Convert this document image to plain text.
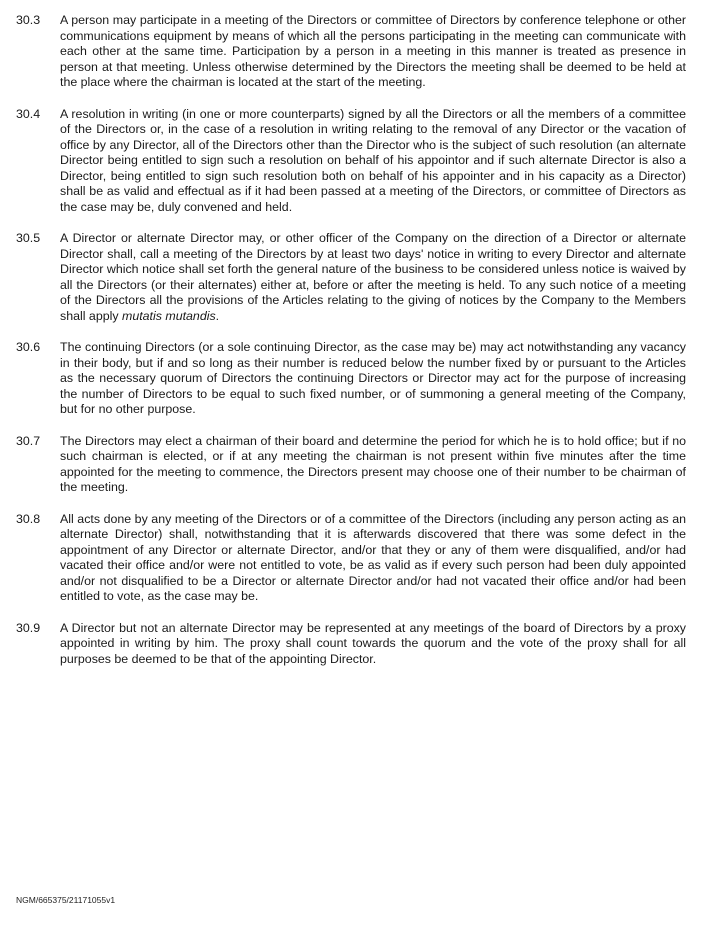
30.3	A person may participate in a meeting of the Directors or committee of Directors by conference telephone or other communications equipment by means of which all the persons participating in the meeting can communicate with each other at the same time. Participation by a person in a meeting in this manner is treated as presence in person at that meeting. Unless otherwise determined by the Directors the meeting shall be deemed to be held at the place where the chairman is located at the start of the meeting.
30.4	A resolution in writing (in one or more counterparts) signed by all the Directors or all the members of a committee of the Directors or, in the case of a resolution in writing relating to the removal of any Director or the vacation of office by any Director, all of the Directors other than the Director who is the subject of such resolution (an alternate Director being entitled to sign such a resolution on behalf of his appointor and if such alternate Director is also a Director, being entitled to sign such resolution both on behalf of his appointer and in his capacity as a Director) shall be as valid and effectual as if it had been passed at a meeting of the Directors, or committee of Directors as the case may be, duly convened and held.
30.5	A Director or alternate Director may, or other officer of the Company on the direction of a Director or alternate Director shall, call a meeting of the Directors by at least two days' notice in writing to every Director and alternate Director which notice shall set forth the general nature of the business to be considered unless notice is waived by all the Directors (or their alternates) either at, before or after the meeting is held. To any such notice of a meeting of the Directors all the provisions of the Articles relating to the giving of notices by the Company to the Members shall apply mutatis mutandis.
30.6	The continuing Directors (or a sole continuing Director, as the case may be) may act notwithstanding any vacancy in their body, but if and so long as their number is reduced below the number fixed by or pursuant to the Articles as the necessary quorum of Directors the continuing Directors or Director may act for the purpose of increasing the number of Directors to be equal to such fixed number, or of summoning a general meeting of the Company, but for no other purpose.
30.7	The Directors may elect a chairman of their board and determine the period for which he is to hold office; but if no such chairman is elected, or if at any meeting the chairman is not present within five minutes after the time appointed for the meeting to commence, the Directors present may choose one of their number to be chairman of the meeting.
30.8	All acts done by any meeting of the Directors or of a committee of the Directors (including any person acting as an alternate Director) shall, notwithstanding that it is afterwards discovered that there was some defect in the appointment of any Director or alternate Director, and/or that they or any of them were disqualified, and/or had vacated their office and/or were not entitled to vote, be as valid as if every such person had been duly appointed and/or not disqualified to be a Director or alternate Director and/or had not vacated their office and/or had been entitled to vote, as the case may be.
30.9	A Director but not an alternate Director may be represented at any meetings of the board of Directors by a proxy appointed in writing by him. The proxy shall count towards the quorum and the vote of the proxy shall for all purposes be deemed to be that of the appointing Director.
NGM/665375/21171055v1
